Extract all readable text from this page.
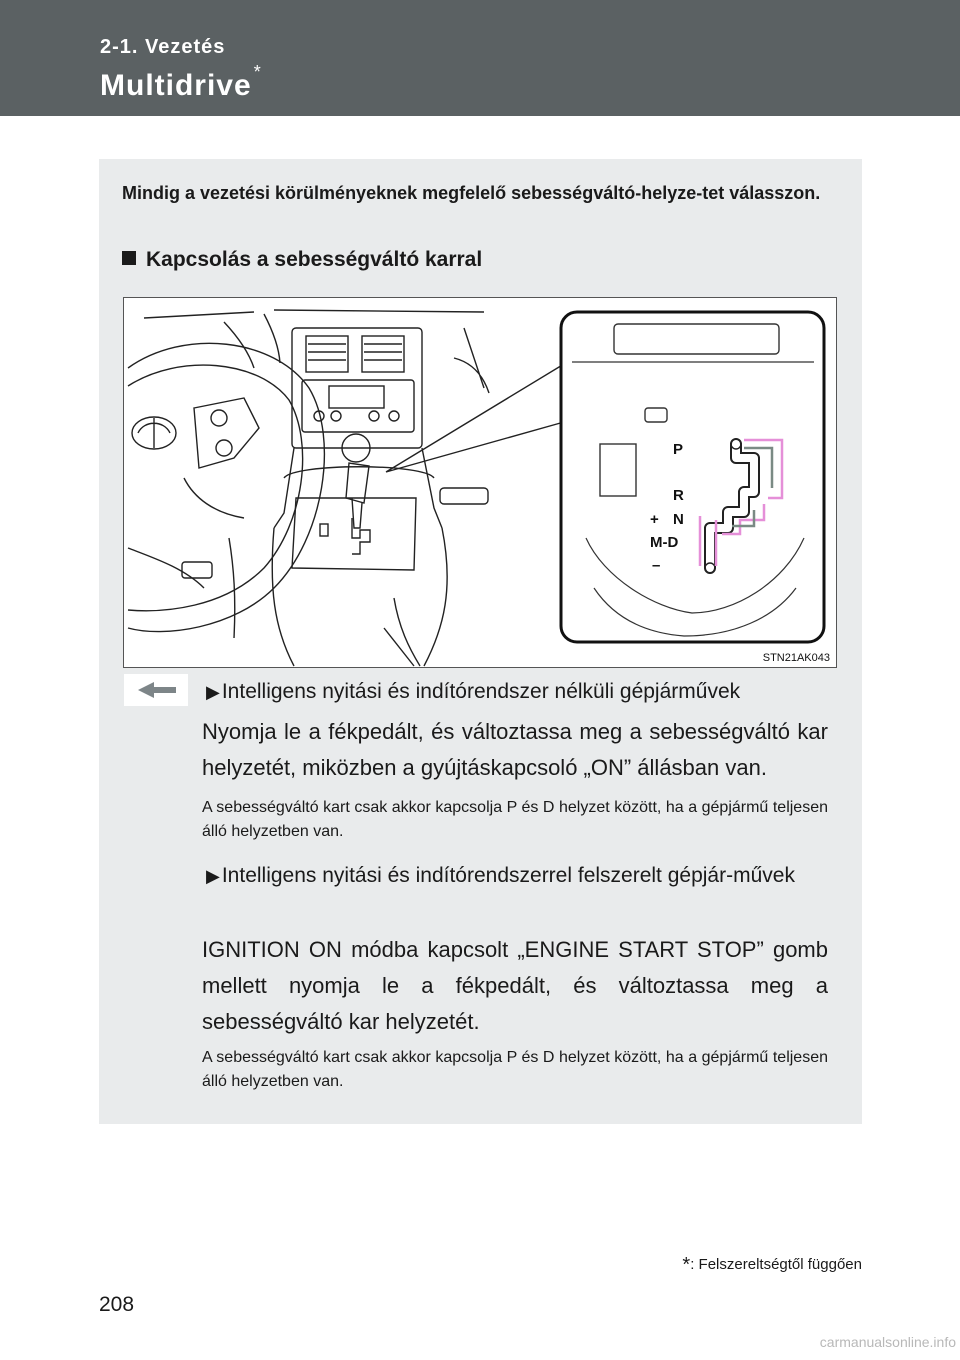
2-1. Vezetés
Multidrive *
Mindig a vezetési körülményeknek megfelelő sebességváltó-helyze-tet válasszon.
Kapcsolás a sebességváltó karral
P
R
+ N
M-D
–
STN21AK043
▶Intelligens nyitási és indítórendszer nélküli gépjárművek
Nyomja le a fékpedált, és változtassa meg a sebességváltó kar helyzetét, miközben a gyújtáskapcsoló „ON” állásban van.
A sebességváltó kart csak akkor kapcsolja P és D helyzet között, ha a gépjármű teljesen álló helyzetben van.
▶Intelligens nyitási és indítórendszerrel felszerelt gépjár-művek
IGNITION ON módba kapcsolt „ENGINE START STOP” gomb mellett nyomja le a fékpedált, és változtassa meg a sebességváltó kar helyzetét.
A sebességváltó kart csak akkor kapcsolja P és D helyzet között, ha a gépjármű teljesen álló helyzetben van.
*: Felszereltségtől függően
208
carmanualsonline.info
